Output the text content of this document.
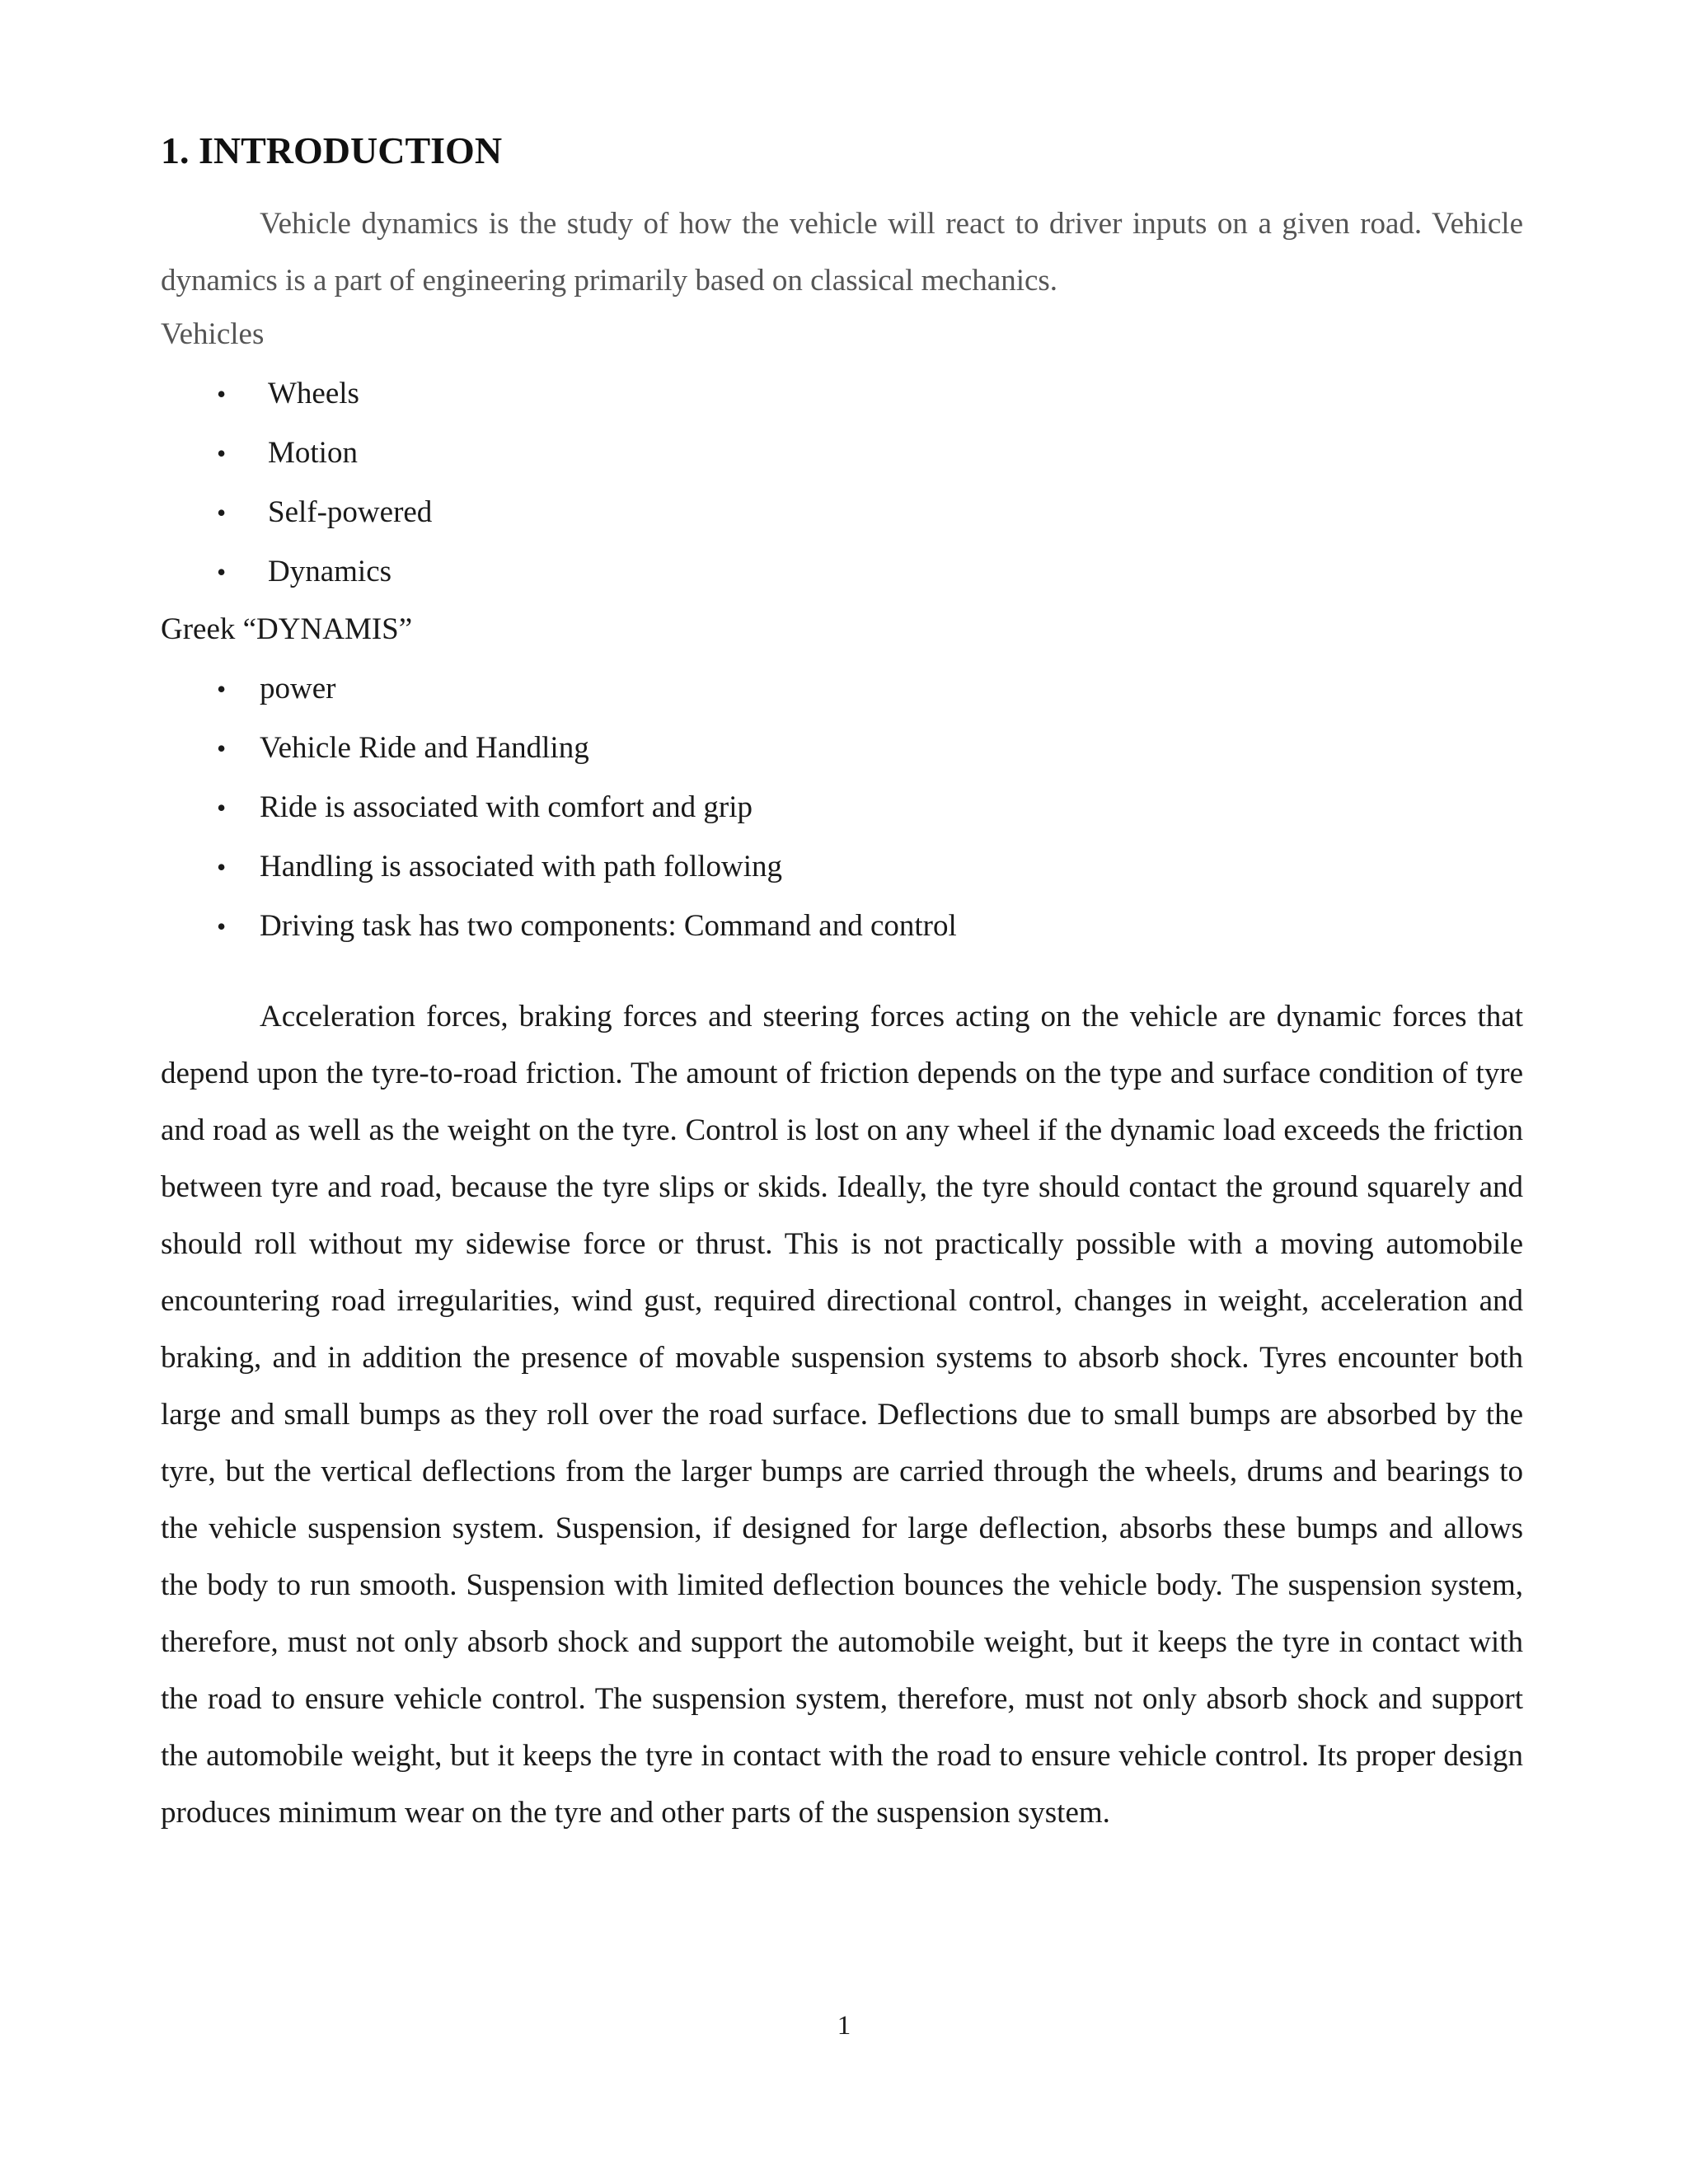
1. INTRODUCTION

Vehicle dynamics is the study of how the vehicle will react to driver inputs on a given road. Vehicle dynamics is a part of engineering primarily based on classical mechanics.

Vehicles

• Wheels
• Motion
• Self-powered
• Dynamics

Greek “DYNAMIS”

• power
• Vehicle Ride and Handling
• Ride is associated with comfort and grip
• Handling is associated with path following
• Driving task has two components: Command and control

Acceleration forces, braking forces and steering forces acting on the vehicle are dynamic forces that depend upon the tyre-to-road friction. The amount of friction depends on the type and surface condition of tyre and road as well as the weight on the tyre. Control is lost on any wheel if the dynamic load exceeds the friction between tyre and road, because the tyre slips or skids. Ideally, the tyre should contact the ground squarely and should roll without my sidewise force or thrust. This is not practically possible with a moving automobile encountering road irregularities, wind gust, required directional control, changes in weight, acceleration and braking, and in addition the presence of movable suspension systems to absorb shock. Tyres encounter both large and small bumps as they roll over the road surface. Deflections due to small bumps are absorbed by the tyre, but the vertical deflections from the larger bumps are carried through the wheels, drums and bearings to the vehicle suspension system. Suspension, if designed for large deflection, absorbs these bumps and allows the body to run smooth. Suspension with limited deflection bounces the vehicle body. The suspension system, therefore, must not only absorb shock and support the automobile weight, but it keeps the tyre in contact with the road to ensure vehicle control. The suspension system, therefore, must not only absorb shock and support the automobile weight, but it keeps the tyre in contact with the road to ensure vehicle control. Its proper design produces minimum wear on the tyre and other parts of the suspension system.

1
